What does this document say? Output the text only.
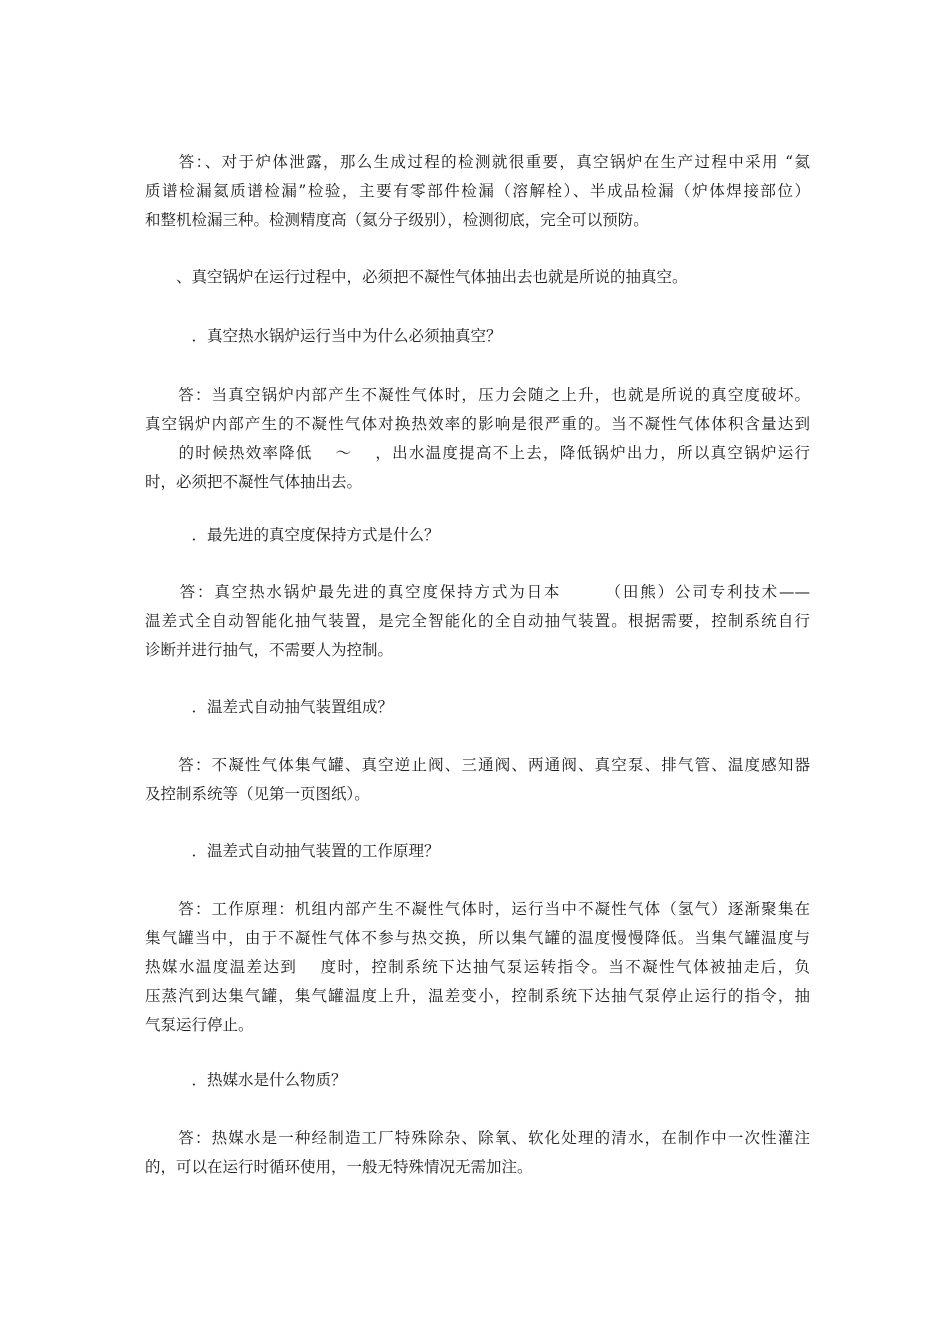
　　答：、对于炉体泄露，那么生成过程的检测就很重要，真空锅炉在生产过程中采用 “氦
质谱检漏氦质谱检漏”检验，主要有零部件检漏（溶解栓）、半成品检漏（炉体焊接部位）
和整机检漏三种。检测精度高（氦分子级别），检测彻底，完全可以预防。
　　、真空锅炉在运行过程中，必须把不凝性气体抽出去也就是所说的抽真空。
　　　．真空热水锅炉运行当中为什么必须抽真空？
　　答：当真空锅炉内部产生不凝性气体时，压力会随之上升，也就是所说的真空度破坏。
真空锅炉内部产生的不凝性气体对换热效率的影响是很严重的。当不凝性气体体积含量达到
　　的时候热效率降低　 ～　 ，出水温度提高不上去，降低锅炉出力，所以真空锅炉运行
时，必须把不凝性气体抽出去。
　　　．最先进的真空度保持方式是什么？
　　答：真空热水锅炉最先进的真空度保持方式为日本　　　（田熊）公司专利技术——
温差式全自动智能化抽气装置，是完全智能化的全自动抽气装置。根据需要，控制系统自行
诊断并进行抽气，不需要人为控制。
　　　．温差式自动抽气装置组成？
　　答：不凝性气体集气罐、真空逆止阀、三通阀、两通阀、真空泵、排气管、温度感知器
及控制系统等（见第一页图纸）。
　　　．温差式自动抽气装置的工作原理？
　　答：工作原理：机组内部产生不凝性气体时，运行当中不凝性气体（氢气）逐渐聚集在
集气罐当中，由于不凝性气体不参与热交换，所以集气罐的温度慢慢降低。当集气罐温度与
热媒水温度温差达到　 度时，控制系统下达抽气泵运转指令。当不凝性气体被抽走后，负
压蒸汽到达集气罐，集气罐温度上升，温差变小，控制系统下达抽气泵停止运行的指令，抽
气泵运行停止。
　　　．热媒水是什么物质？
　　答：热媒水是一种经制造工厂特殊除杂、除氧、软化处理的清水，在制作中一次性灌注
的，可以在运行时循环使用，一般无特殊情况无需加注。
